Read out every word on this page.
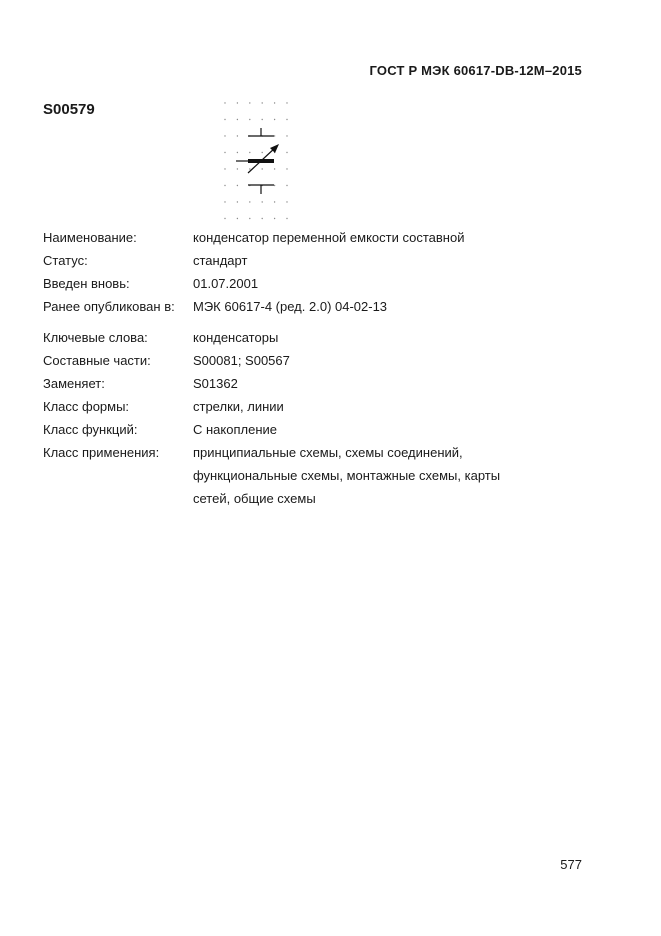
ГОСТ Р МЭК 60617-DB-12M–2015
S00579
Наименование:	конденсатор переменной емкости составной
Статус:	стандарт
Введен вновь:	01.07.2001
Ранее опубликован в:	МЭК 60617-4 (ред. 2.0) 04-02-13
Ключевые слова:	конденсаторы
Составные части:	S00081; S00567
Заменяет:	S01362
Класс формы:	стрелки, линии
Класс функций:	С накопление
Класс применения:	принципиальные схемы, схемы соединений,
функциональные схемы, монтажные схемы, карты
сетей, общие схемы
577
